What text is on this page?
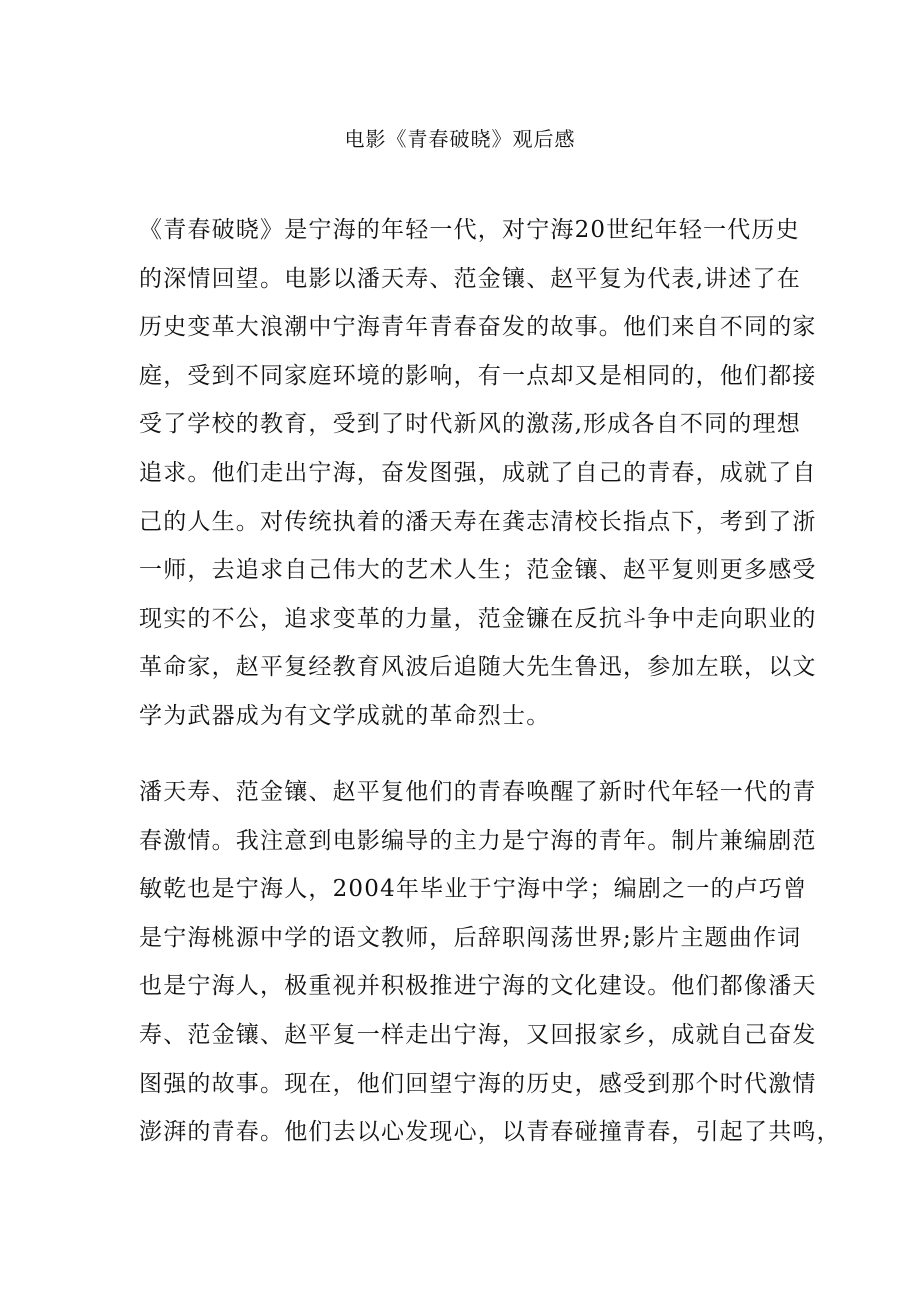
电影《青春破晓》观后感
《青春破晓》是宁海的年轻一代，对宁海20世纪年轻一代历史
的深情回望。电影以潘天寿、范金镶、赵平复为代表,讲述了在
历史变革大浪潮中宁海青年青春奋发的故事。他们来自不同的家
庭，受到不同家庭环境的影响，有一点却又是相同的，他们都接
受了学校的教育，受到了时代新风的激荡,形成各自不同的理想
追求。他们走出宁海，奋发图强，成就了自己的青春，成就了自
己的人生。对传统执着的潘天寿在龚志清校长指点下，考到了浙
一师，去追求自己伟大的艺术人生；范金镶、赵平复则更多感受
现实的不公，追求变革的力量，范金镰在反抗斗争中走向职业的
革命家，赵平复经教育风波后追随大先生鲁迅，参加左联，以文
学为武器成为有文学成就的革命烈士。
潘天寿、范金镶、赵平复他们的青春唤醒了新时代年轻一代的青
春激情。我注意到电影编导的主力是宁海的青年。制片兼编剧范
敏乾也是宁海人，2004年毕业于宁海中学；编剧之一的卢巧曾
是宁海桃源中学的语文教师，后辞职闯荡世界;影片主题曲作词
也是宁海人，极重视并积极推进宁海的文化建设。他们都像潘天
寿、范金镶、赵平复一样走出宁海，又回报家乡，成就自己奋发
图强的故事。现在，他们回望宁海的历史，感受到那个时代激情
澎湃的青春。他们去以心发现心，以青春碰撞青春，引起了共鸣，
